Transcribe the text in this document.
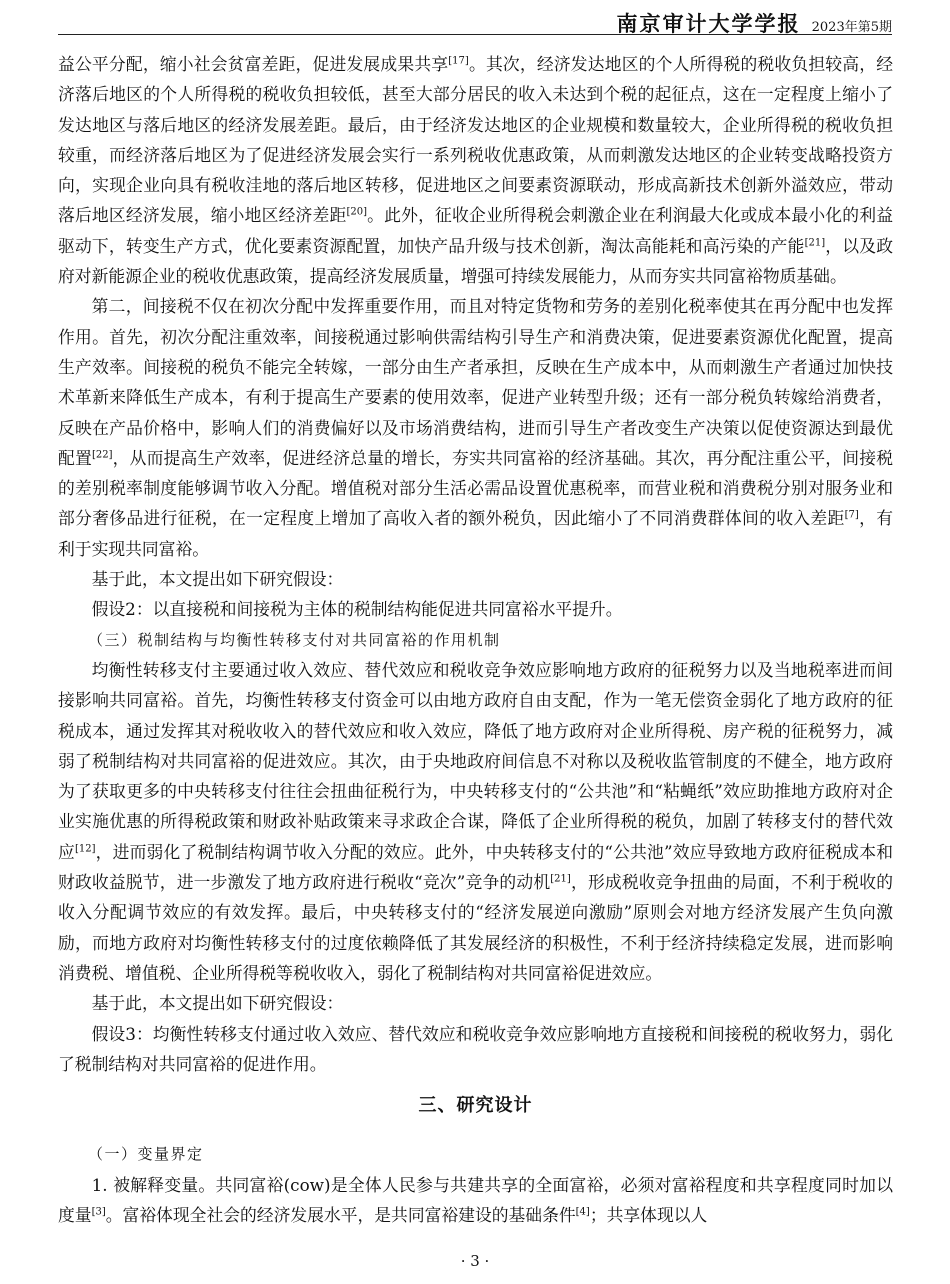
南京审计大学学报 2023年第5期

益公平分配，缩小社会贫富差距，促进发展成果共享[17]。其次，经济发达地区的个人所得税的税收负担较高，经济落后地区的个人所得税的税收负担较低，甚至大部分居民的收入未达到个税的起征点，这在一定程度上缩小了发达地区与落后地区的经济发展差距。最后，由于经济发达地区的企业规模和数量较大，企业所得税的税收负担较重，而经济落后地区为了促进经济发展会实行一系列税收优惠政策，从而刺激发达地区的企业转变战略投资方向，实现企业向具有税收洼地的落后地区转移，促进地区之间要素资源联动，形成高新技术创新外溢效应，带动落后地区经济发展，缩小地区经济差距[20]。此外，征收企业所得税会刺激企业在利润最大化或成本最小化的利益驱动下，转变生产方式，优化要素资源配置，加快产品升级与技术创新，淘汰高能耗和高污染的产能[21]，以及政府对新能源企业的税收优惠政策，提高经济发展质量，增强可持续发展能力，从而夯实共同富裕物质基础。

第二，间接税不仅在初次分配中发挥重要作用，而且对特定货物和劳务的差别化税率使其在再分配中也发挥作用。首先，初次分配注重效率，间接税通过影响供需结构引导生产和消费决策，促进要素资源优化配置，提高生产效率。间接税的税负不能完全转嫁，一部分由生产者承担，反映在生产成本中，从而刺激生产者通过加快技术革新来降低生产成本，有利于提高生产要素的使用效率，促进产业转型升级；还有一部分税负转嫁给消费者，反映在产品价格中，影响人们的消费偏好以及市场消费结构，进而引导生产者改变生产决策以促使资源达到最优配置[22]，从而提高生产效率，促进经济总量的增长，夯实共同富裕的经济基础。其次，再分配注重公平，间接税的差别税率制度能够调节收入分配。增值税对部分生活必需品设置优惠税率，而营业税和消费税分别对服务业和部分奢侈品进行征税，在一定程度上增加了高收入者的额外税负，因此缩小了不同消费群体间的收入差距[7]，有利于实现共同富裕。

基于此，本文提出如下研究假设：

假设2：以直接税和间接税为主体的税制结构能促进共同富裕水平提升。

（三）税制结构与均衡性转移支付对共同富裕的作用机制

均衡性转移支付主要通过收入效应、替代效应和税收竞争效应影响地方政府的征税努力以及当地税率进而间接影响共同富裕。首先，均衡性转移支付资金可以由地方政府自由支配，作为一笔无偿资金弱化了地方政府的征税成本，通过发挥其对税收收入的替代效应和收入效应，降低了地方政府对企业所得税、房产税的征税努力，减弱了税制结构对共同富裕的促进效应。其次，由于央地政府间信息不对称以及税收监管制度的不健全，地方政府为了获取更多的中央转移支付往往会扭曲征税行为，中央转移支付的“公共池”和“粘蝇纸”效应助推地方政府对企业实施优惠的所得税政策和财政补贴政策来寻求政企合谋，降低了企业所得税的税负，加剧了转移支付的替代效应[12]，进而弱化了税制结构调节收入分配的效应。此外，中央转移支付的“公共池”效应导致地方政府征税成本和财政收益脱节，进一步激发了地方政府进行税收“竞次”竞争的动机[21]，形成税收竞争扭曲的局面，不利于税收的收入分配调节效应的有效发挥。最后，中央转移支付的“经济发展逆向激励”原则会对地方经济发展产生负向激励，而地方政府对均衡性转移支付的过度依赖降低了其发展经济的积极性，不利于经济持续稳定发展，进而影响消费税、增值税、企业所得税等税收收入，弱化了税制结构对共同富裕促进效应。

基于此，本文提出如下研究假设：

假设3：均衡性转移支付通过收入效应、替代效应和税收竞争效应影响地方直接税和间接税的税收努力，弱化了税制结构对共同富裕的促进作用。

三、研究设计

（一）变量界定

1. 被解释变量。共同富裕(cow)是全体人民参与共建共享的全面富裕，必须对富裕程度和共享程度同时加以度量[3]。富裕体现全社会的经济发展水平，是共同富裕建设的基础条件[4]；共享体现以人

· 3 ·
